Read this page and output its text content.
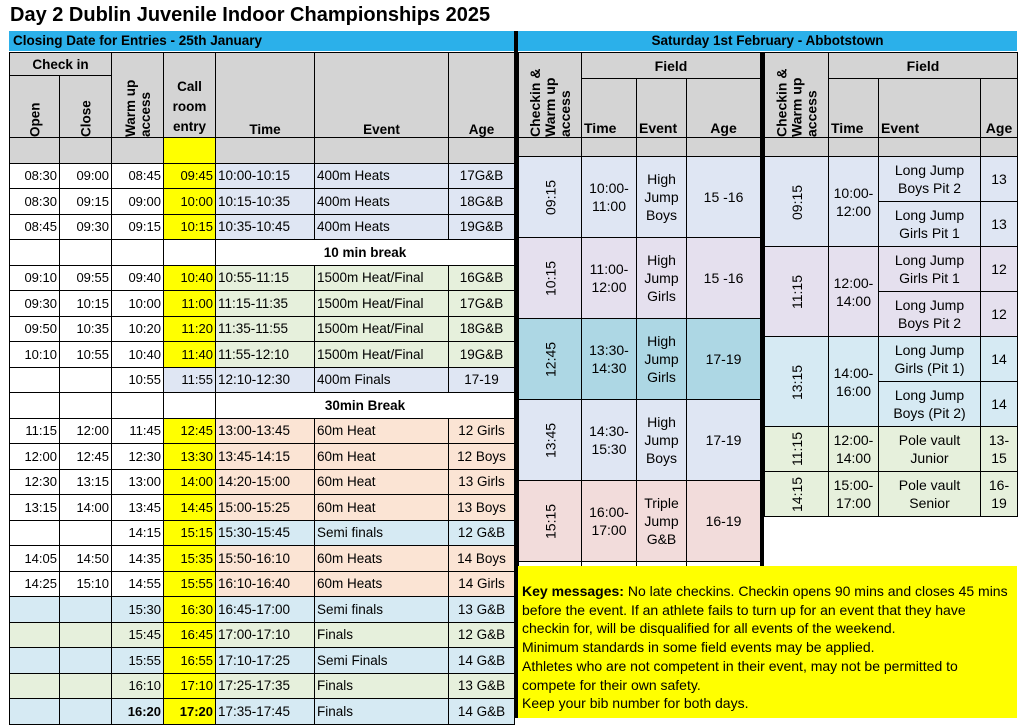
Day 2 Dublin Juvenile Indoor Championships 2025
Closing Date for Entries - 25th January	Saturday 1st February - Abbotstown
Check in		Warm up access	Call room entry	Time	Event	Age
Open	Close					

08:30	09:00	08:45	09:45	10:00-10:15	400m Heats	17G&B
08:30	09:15	09:00	10:00	10:15-10:35	400m Heats	18G&B
08:45	09:30	09:15	10:15	10:35-10:45	400m Heats	19G&B
				10 min break		
09:10	09:55	09:40	10:40	10:55-11:15	1500m Heat/Final	16G&B
09:30	10:15	10:00	11:00	11:15-11:35	1500m Heat/Final	17G&B
09:50	10:35	10:20	11:20	11:35-11:55	1500m Heat/Final	18G&B
10:10	10:55	10:40	11:40	11:55-12:10	1500m Heat/Final	19G&B
		10:55	11:55	12:10-12:30	400m Finals	17-19
				30min Break		
11:15	12:00	11:45	12:45	13:00-13:45	60m Heat	12 Girls
12:00	12:45	12:30	13:30	13:45-14:15	60m Heat	12 Boys
12:30	13:15	13:00	14:00	14:20-15:00	60m Heat	13 Girls
13:15	14:00	13:45	14:45	15:00-15:25	60m Heat	13 Boys
		14:15	15:15	15:30-15:45	Semi finals	12 G&B
14:05	14:50	14:35	15:35	15:50-16:10	60m Heats	14 Boys
14:25	15:10	14:55	15:55	16:10-16:40	60m Heats	14 Girls
		15:30	16:30	16:45-17:00	Semi finals	13 G&B
		15:45	16:45	17:00-17:10	Finals	12 G&B
		15:55	16:55	17:10-17:25	Semi Finals	14 G&B
		16:10	17:10	17:25-17:35	Finals	13 G&B
		16:20	17:20	17:35-17:45	Finals	14 G&B
Checkin & Warm up access	Field		
	Time	Event	Age

09:15	10:00-11:00	High Jump Boys	15 -16
10:15	11:00-12:00	High Jump Girls	15 -16
12:45	13:30-14:30	High Jump Girls	17-19
13:45	14:30-15:30	High Jump Boys	17-19
15:15	16:00-17:00	Triple Jump G&B	16-19

Checkin & Warm up access	Field		
	Time	Event	Age

09:15	10:00-12:00	Long Jump Boys Pit 2	13
		Long Jump Girls Pit 1	13
11:15	12:00-14:00	Long Jump Girls Pit 1	12
		Long Jump Boys Pit 2	12
13:15	14:00-16:00	Long Jump Girls (Pit 1)	14
		Long Jump Boys (Pit 2)	14
11:15	12:00-14:00	Pole vault Junior	13-15
14:15	15:00-17:00	Pole vault Senior	16-19
Key messages: No late checkins. Checkin opens 90 mins and closes 45 mins before the event. If an athlete fails to turn up for an event that they have checkin for, will be disqualified for all events of the weekend.
Minimum standards in some field events may be applied.
Athletes who are not competent in their event, may not be permitted to compete for their own safety.
Keep your bib number for both days.
